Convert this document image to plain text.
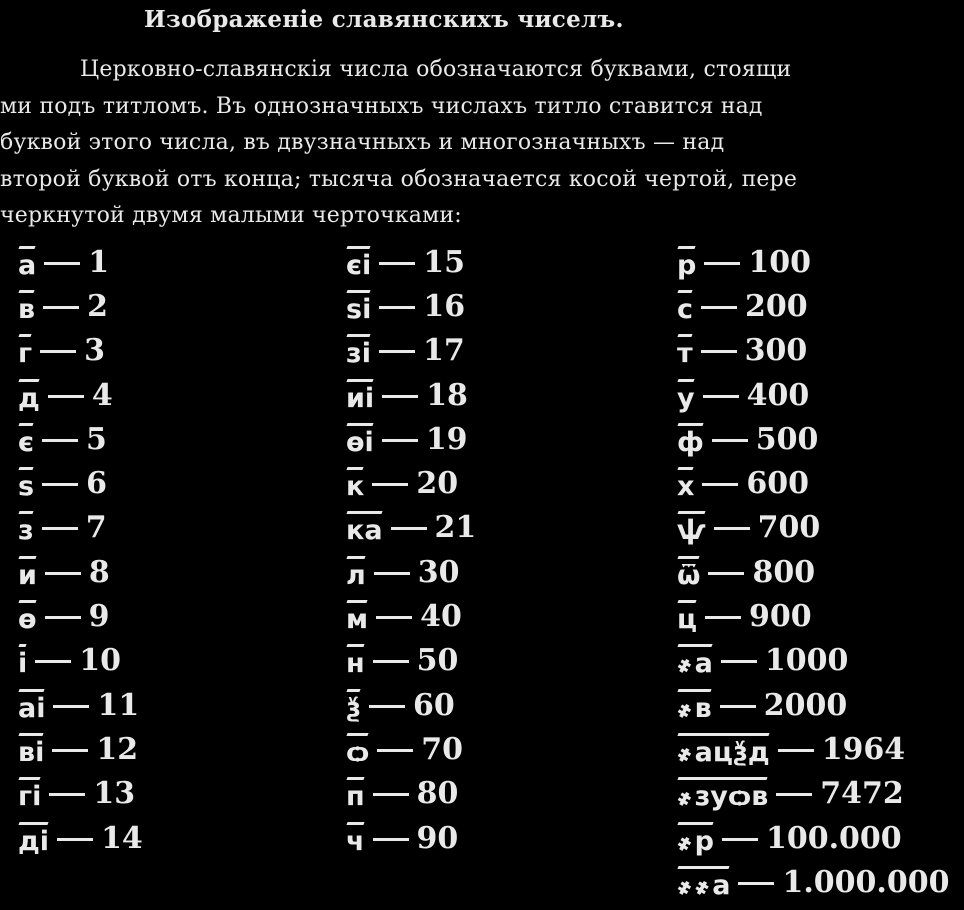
Изображеніе славянскихъ чиселъ.
Церковно-славянскія числа обозначаются буквами, стоящи
ми подъ титломъ. Въ однозначныхъ числахъ титло ставится над
буквой этого числа, въ двузначныхъ и многозначныхъ — над
второй буквой отъ конца; тысяча обозначается косой чертой, пере
черкнутой двумя малыми черточками:
а 1
в 2
г 3
д 4
є 5
ѕ 6
з 7
и 8
ѳ 9
і 10
аі 11
ві 12
гі 13
ді 14
єі 15
ѕі 16
зі 17
иі 18
ѳі 19
к 20
ка 21
л 30
м 40
н 50
ѯ 60
ѻ 70
п 80
ч 90
р 100
с 200
т 300
у 400
ф 500
х 600
ѱ 700
ѿ 800
ц 900
҂а 1000
҂в 2000
҂ацѯд 1964
҂зуѻв 7472
҂р 100.000
҂҂а 1.000.000
